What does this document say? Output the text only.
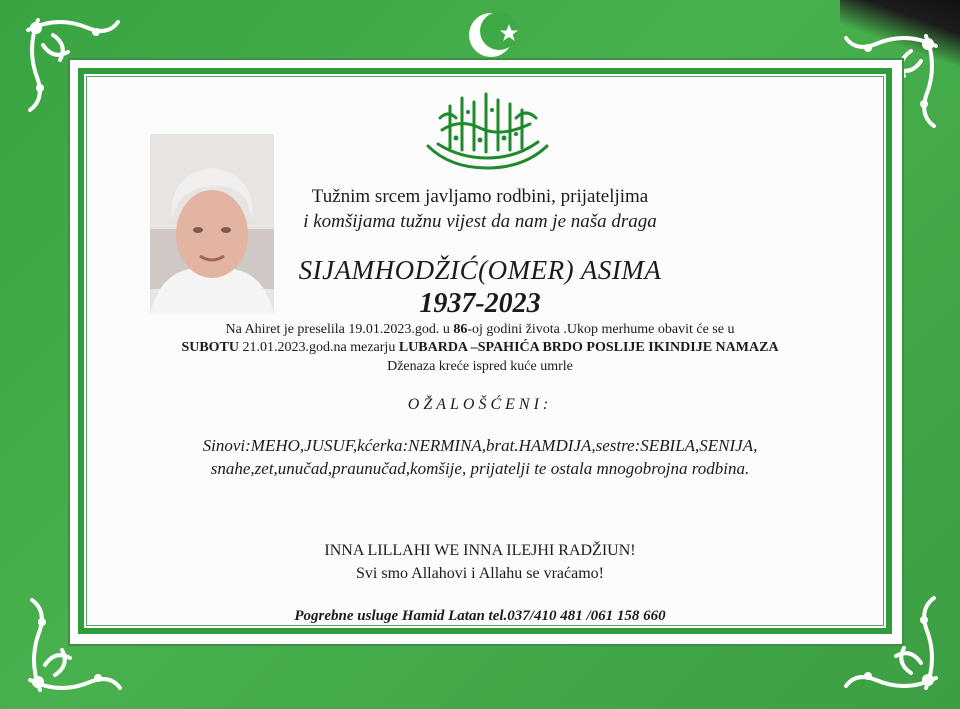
Tužnim srcem javljamo rodbini, prijateljima
i komšijama tužnu vijest da nam je naša draga
SIJAMHODŽIĆ(OMER) ASIMA
1937-2023
Na Ahiret je preselila 19.01.2023.god. u 86-oj godini života .Ukop merhume obavit će se u
SUBOTU 21.01.2023.god.na mezarju LUBARDA –SPAHIĆA BRDO POSLIJE IKINDIJE NAMAZA
Dženaza kreće ispred kuće umrle
OŽALOŠĆENI:
Sinovi:MEHO,JUSUF,kćerka:NERMINA,brat.HAMDIJA,sestre:SEBILA,SENIJA,
snahe,zet,unučad,praunučad,komšije, prijatelji te ostala mnogobrojna rodbina.
INNA LILLAHI WE INNA ILEJHI RADŽIUN!
Svi smo Allahovi i Allahu se vraćamo!
Pogrebne usluge Hamid Latan tel.037/410 481 /061 158 660
